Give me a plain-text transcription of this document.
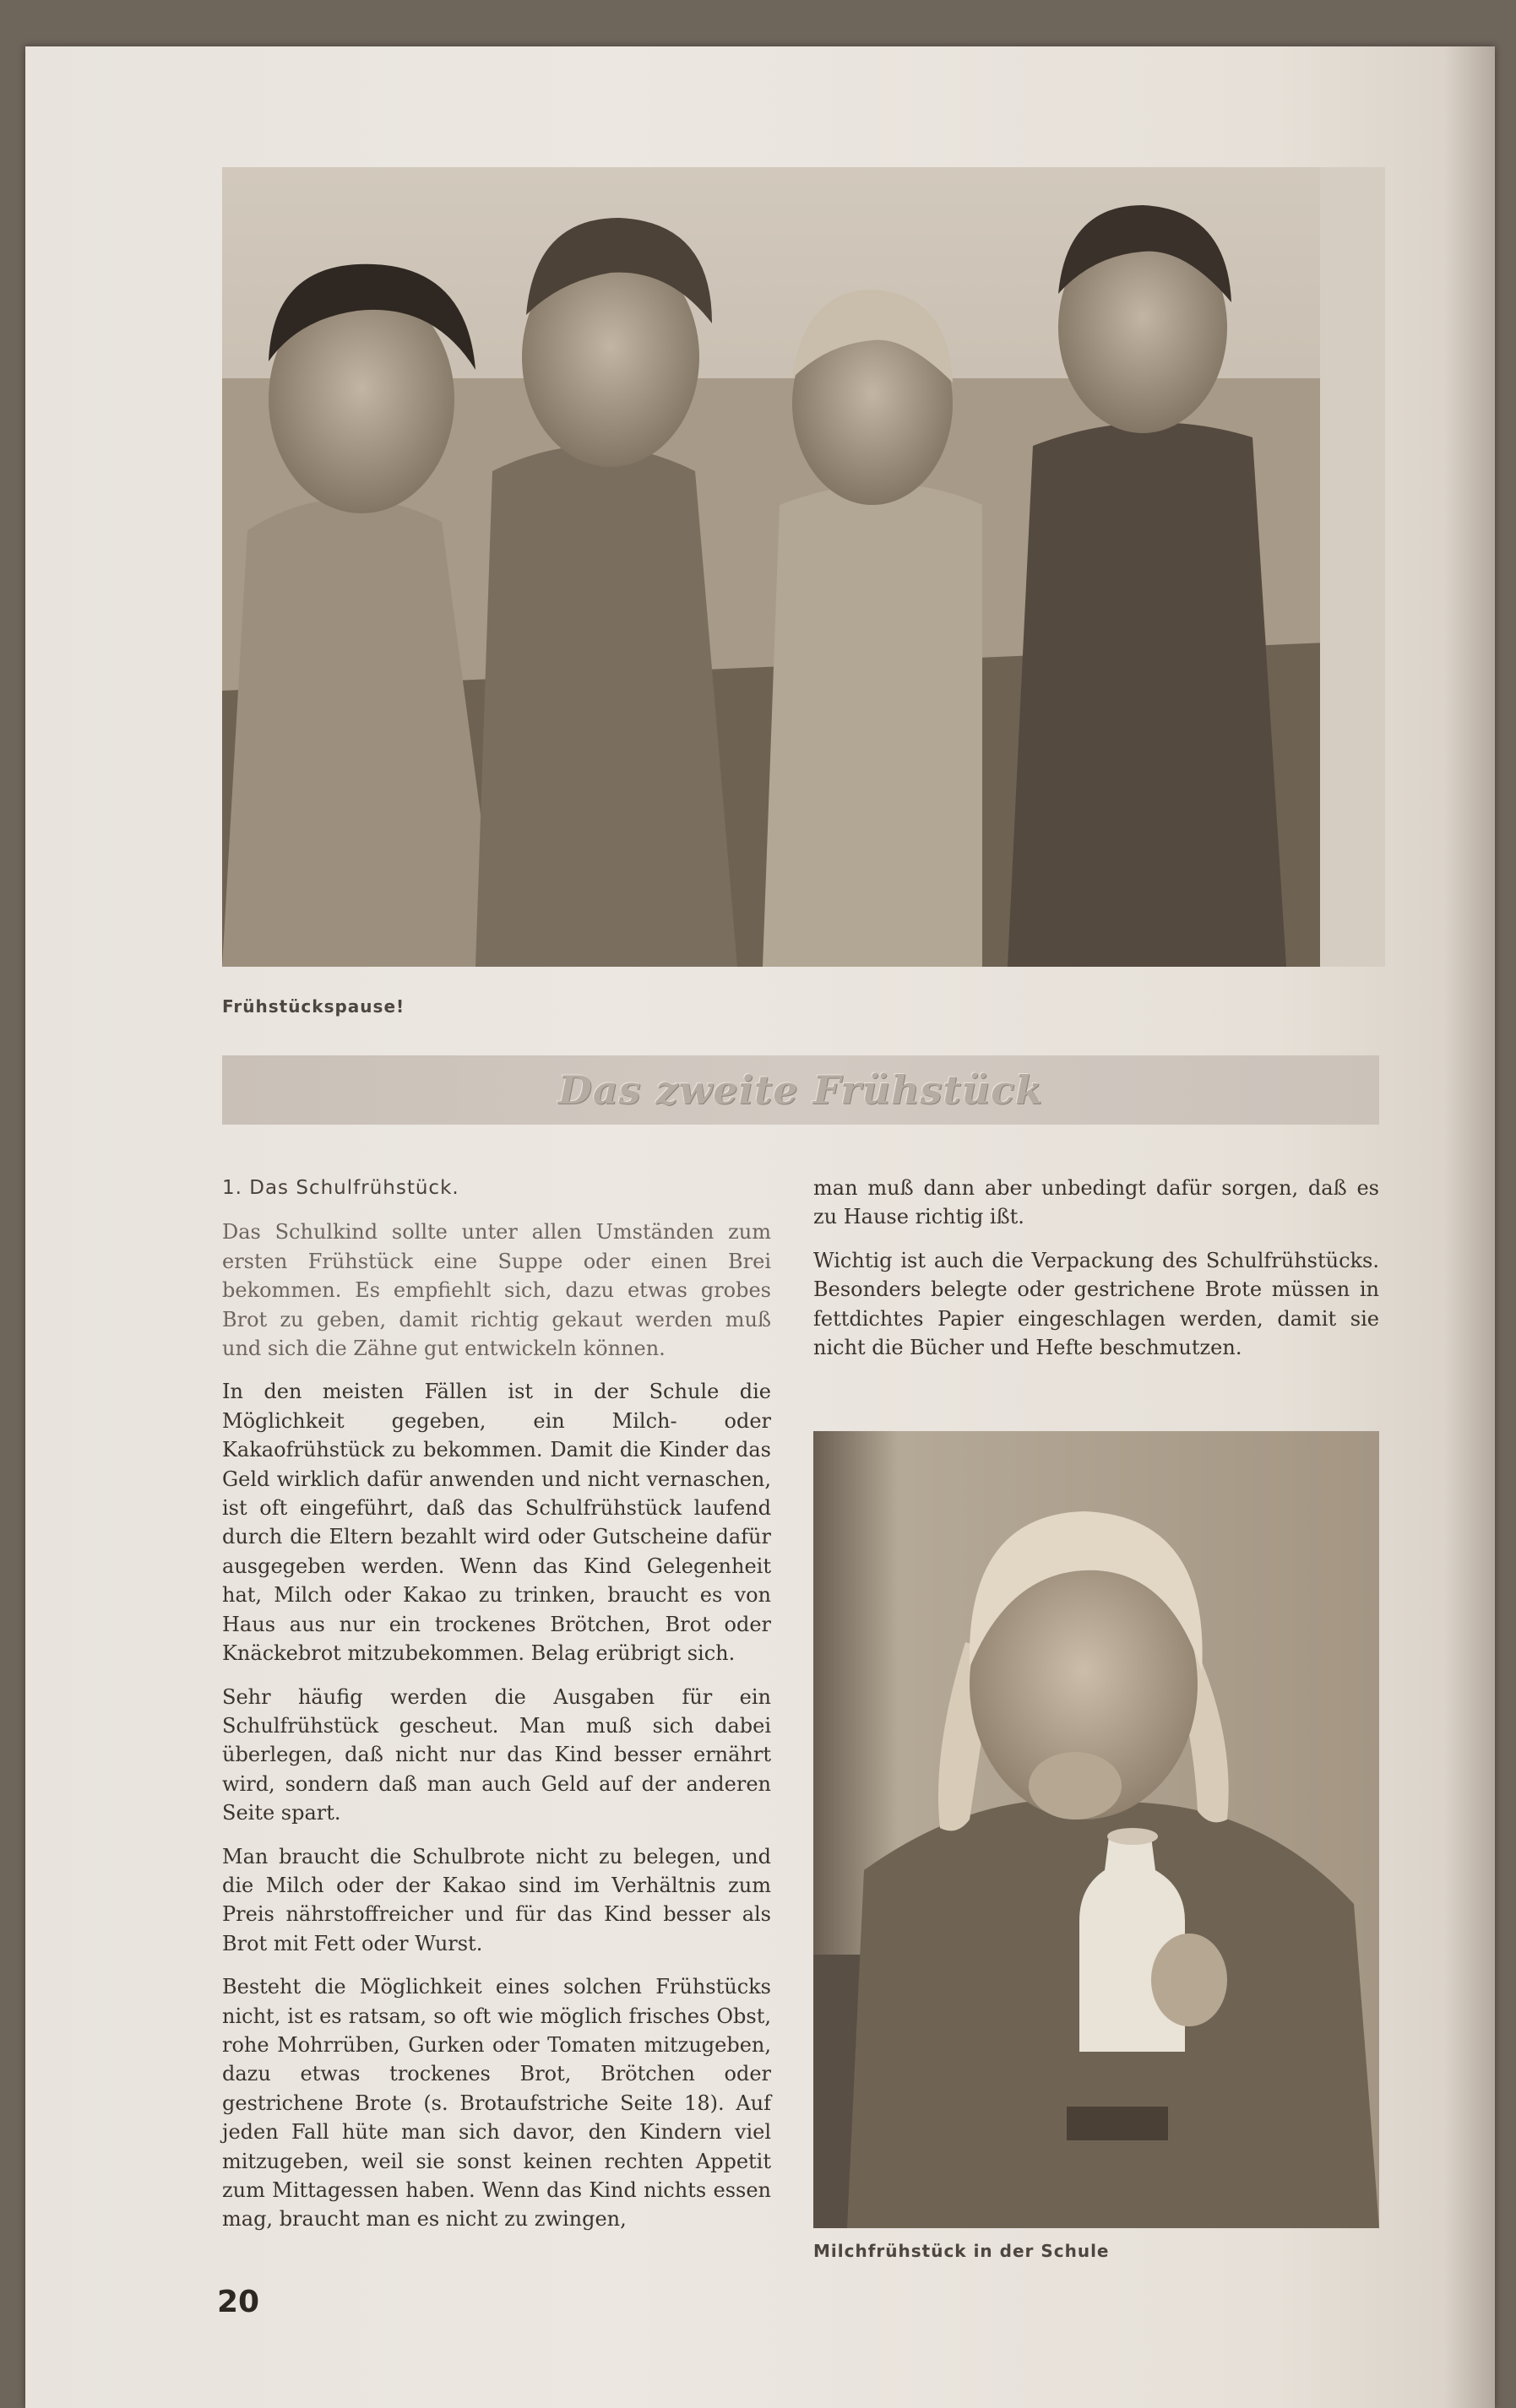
Frühstückspause!
Das zweite Frühstück

1. Das Schulfrühstück.

Das Schulkind sollte unter allen Umständen zum ersten Frühstück eine Suppe oder einen Brei bekommen. Es empfiehlt sich, dazu etwas grobes Brot zu geben, damit richtig gekaut werden muß und sich die Zähne gut entwickeln können.

In den meisten Fällen ist in der Schule die Möglichkeit gegeben, ein Milch- oder Kakaofrühstück zu bekommen. Damit die Kinder das Geld wirklich dafür anwenden und nicht vernaschen, ist oft eingeführt, daß das Schulfrühstück laufend durch die Eltern bezahlt wird oder Gutscheine dafür ausgegeben werden. Wenn das Kind Gelegenheit hat, Milch oder Kakao zu trinken, braucht es von Haus aus nur ein trockenes Brötchen, Brot oder Knäckebrot mitzubekommen. Belag erübrigt sich.

Sehr häufig werden die Ausgaben für ein Schulfrühstück gescheut. Man muß sich dabei überlegen, daß nicht nur das Kind besser ernährt wird, sondern daß man auch Geld auf der anderen Seite spart.

Man braucht die Schulbrote nicht zu belegen, und die Milch oder der Kakao sind im Verhältnis zum Preis nährstoffreicher und für das Kind besser als Brot mit Fett oder Wurst.

Besteht die Möglichkeit eines solchen Frühstücks nicht, ist es ratsam, so oft wie möglich frisches Obst, rohe Mohrrüben, Gurken oder Tomaten mitzugeben, dazu etwas trockenes Brot, Brötchen oder gestrichene Brote (s. Brotaufstriche Seite 18). Auf jeden Fall hüte man sich davor, den Kindern viel mitzugeben, weil sie sonst keinen rechten Appetit zum Mittagessen haben. Wenn das Kind nichts essen mag, braucht man es nicht zu zwingen,

man muß dann aber unbedingt dafür sorgen, daß es zu Hause richtig ißt.

Wichtig ist auch die Verpackung des Schulfrühstücks. Besonders belegte oder gestrichene Brote müssen in fettdichtes Papier eingeschlagen werden, damit sie nicht die Bücher und Hefte beschmutzen.

Milchfrühstück in der Schule
20
